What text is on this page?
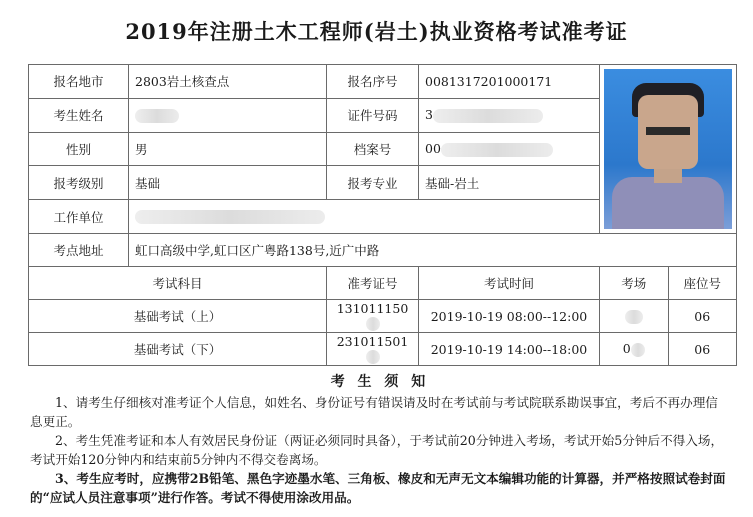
2019年注册土木工程师(岩土)执业资格考试准考证
报名地市	2803岩土核查点	报名序号	0081317201000171		

考生姓名		证件号码	3		
性别	男	档案号	00		
报考级别	基础	报考专业	基础-岩土		
工作单位					
考点地址	虹口高级中学,虹口区广粤路138号,近广中路				
考试科目		准考证号	考试时间	考场	座位号
基础考试（上）		131011150	2019-10-19 08:00--12:00		06
基础考试（下）		231011501	2019-10-19 14:00--18:00	0	06
考 生 须 知

1、请考生仔细核对准考证个人信息，如姓名、身份证号有错误请及时在考试前与考试院联系勘误事宜，考后不再办理信息更正。

2、考生凭准考证和本人有效居民身份证（两证必须同时具备），于考试前20分钟进入考场，考试开始5分钟后不得入场，考试开始120分钟内和结束前5分钟内不得交卷离场。

3、考生应考时，应携带2B铅笔、黑色字迹墨水笔、三角板、橡皮和无声无文本编辑功能的计算器，并严格按照试卷封面的“应试人员注意事项”进行作答。考试不得使用涂改用品。
